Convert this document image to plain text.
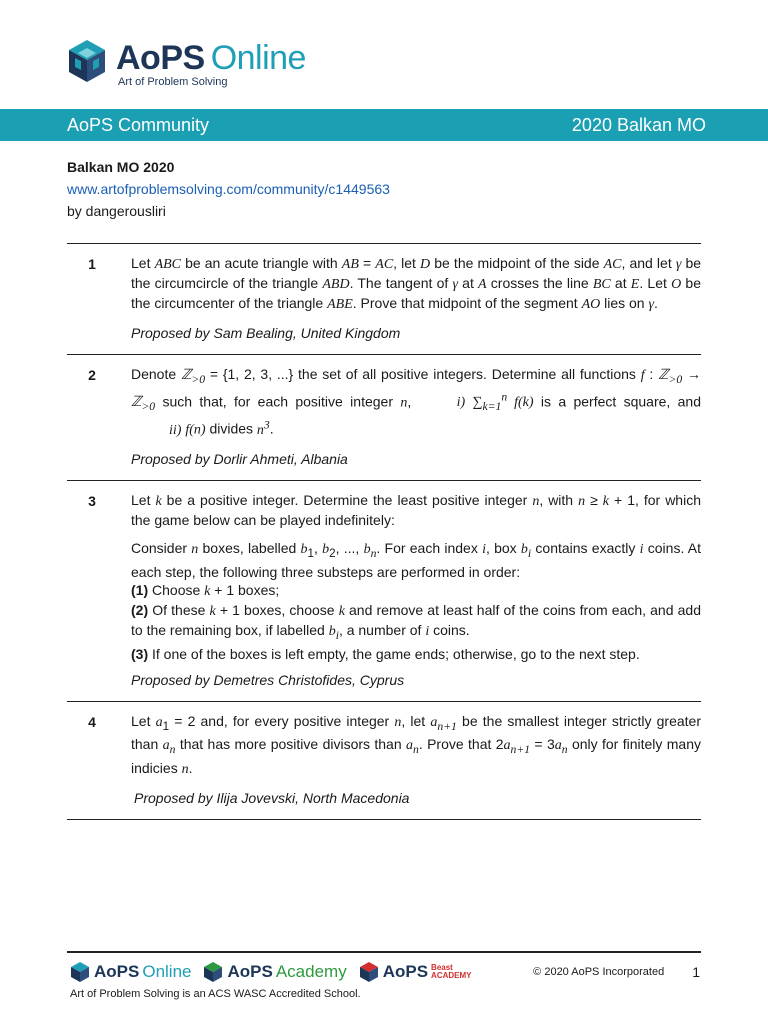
AoPS Online
Art of Problem Solving
AoPS Community	2020 Balkan MO
Balkan MO 2020
www.artofproblemsolving.com/community/c1449563
by dangerousliri
1	Let ABC be an acute triangle with AB = AC, let D be the midpoint of the side AC, and let γ be the circumcircle of the triangle ABD. The tangent of γ at A crosses the line BC at E. Let O be the circumcenter of the triangle ABE. Prove that midpoint of the segment AO lies on γ.

Proposed by Sam Bealing, United Kingdom
2	Denote ℤ$_{>0}$ = {1, 2, 3, ...} the set of all positive integers. Determine all functions f : ℤ$_{>0}$ → ℤ$_{>0}$ such that, for each positive integer n,	i) $\sum_{k=1}^n$ f(k) is a perfect square, and ii) f(n) divides $n^3$.

Proposed by Dorlir Ahmeti, Albania
3	Let k be a positive integer. Determine the least positive integer n, with n ≥ k + 1, for which the game below can be played indefinitely:

Consider n boxes, labelled $b_1$, $b_2$, ..., $b_n$. For each index i, box $b_i$ contains exactly i coins. At each step, the following three substeps are performed in order:

(1) Choose k + 1 boxes;
(2) Of these k + 1 boxes, choose k and remove at least half of the coins from each, and add to the remaining box, if labelled $b_i$, a number of i coins.
(3) If one of the boxes is left empty, the game ends; otherwise, go to the next step.
Proposed by Demetres Christofides, Cyprus
4	Let $a_1 = 2$ and, for every positive integer n, let $a_{n+1}$ be the smallest integer strictly greater than $a_n$ that has more positive divisors than $a_n$. Prove that $2a_{n+1} = 3a_n$ only for finitely many indicies n.

Proposed by Ilija Jovevski, North Macedonia
AoPS Online AoPS Academy AoPS Beast
ACADEMY	© 2020 AoPS Incorporated 1
Art of Problem Solving is an ACS WASC Accredited School.
